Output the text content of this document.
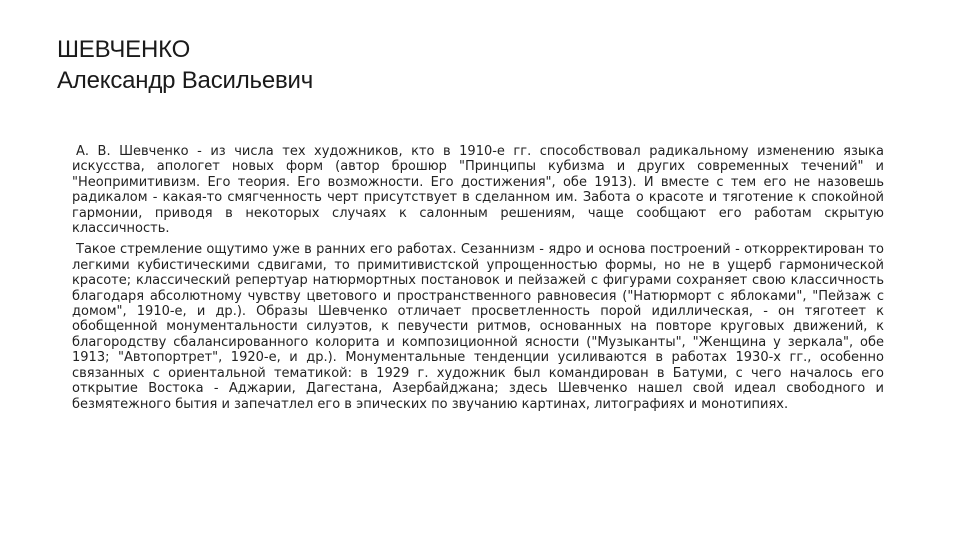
ШЕВЧЕНКО
Александр Васильевич

А. В. Шевченко - из числа тех художников, кто в 1910-е гг. способствовал радикальному изменению языка искусства, апологет новых форм (автор брошюр "Принципы кубизма и других современных течений" и "Неопримитивизм. Его теория. Его возможности. Его достижения", обе 1913). И вместе с тем его не назовешь радикалом - какая-то смягченность черт присутствует в сделанном им. Забота о красоте и тяготение к спокойной гармонии, приводя в некоторых случаях к салонным решениям, чаще сообщают его работам скрытую классичность.

Такое стремление ощутимо уже в ранних его работах. Сезаннизм - ядро и основа построений - откорректирован то легкими кубистическими сдвигами, то примитивистской упрощенностью формы, но не в ущерб гармонической красоте; классический репертуар натюрмортных постановок и пейзажей с фигурами сохраняет свою классичность благодаря абсолютному чувству цветового и пространственного равновесия ("Натюрморт с яблоками", "Пейзаж с домом", 1910-е, и др.). Образы Шевченко отличает просветленность порой идиллическая, - он тяготеет к обобщенной монументальности силуэтов, к певучести ритмов, основанных на повторе круговых движений, к благородству сбалансированного колорита и композиционной ясности ("Музыканты", "Женщина у зеркала", обе 1913; "Автопортрет", 1920-е, и др.). Монументальные тенденции усиливаются в работах 1930-х гг., особенно связанных с ориентальной тематикой: в 1929 г. художник был командирован в Батуми, с чего началось его открытие Востока - Аджарии, Дагестана, Азербайджана; здесь Шевченко нашел свой идеал свободного и безмятежного бытия и запечатлел его в эпических по звучанию картинах, литографиях и монотипиях.
